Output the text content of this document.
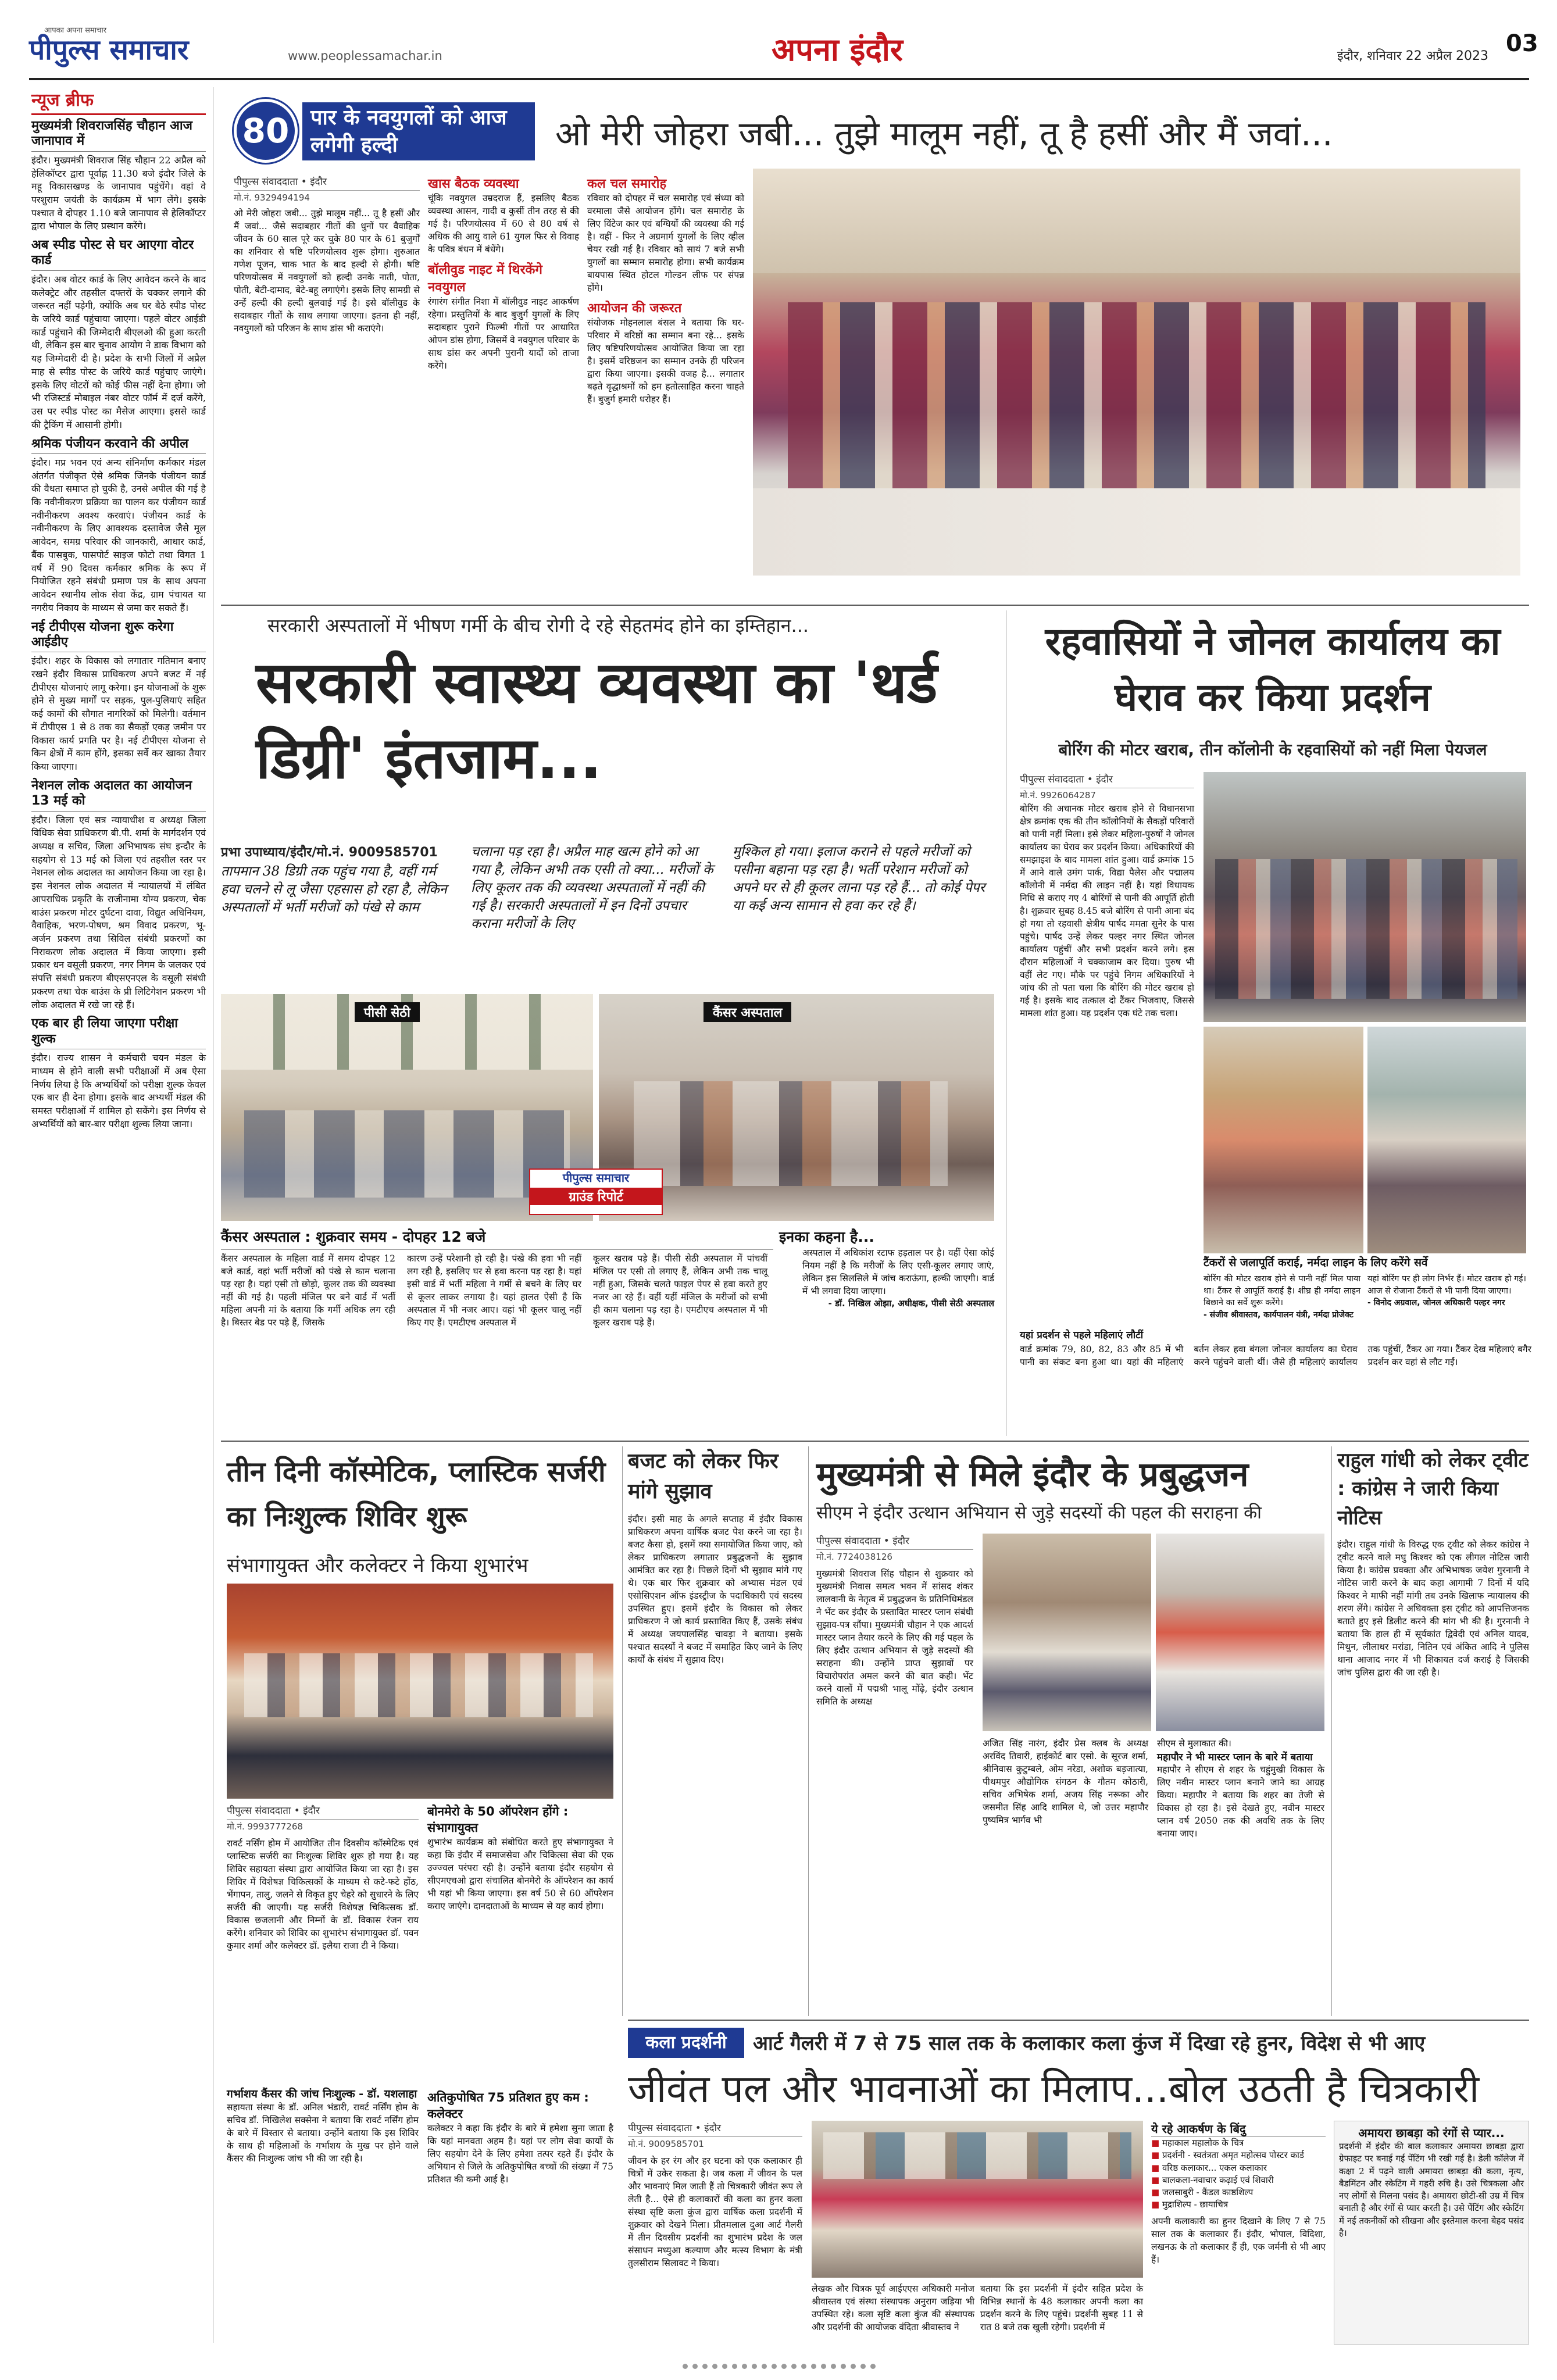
आपका अपना समाचार
पीपुल्स समाचार	www.peoplessamachar.in	अपना इंदौर	इंदौर, शनिवार 22 अप्रैल 2023 03
न्यूज ब्रीफ
मुख्यमंत्री शिवराजसिंह चौहान आज जानापाव में
इंदौर। मुख्यमंत्री शिवराज सिंह चौहान 22 अप्रैल को हेलिकॉप्टर द्वारा पूर्वाह्न 11.30 बजे इंदौर जिले के महू विकासखण्ड के जानापाव पहुंचेंगे। वहां वे परशुराम जयंती के कार्यक्रम में भाग लेंगे। इसके पश्चात वे दोपहर 1.10 बजे जानापाव से हेलिकॉप्टर द्वारा भोपाल के लिए प्रस्थान करेंगे।
अब स्पीड पोस्ट से घर आएगा वोटर कार्ड
इंदौर। अब वोटर कार्ड के लिए आवेदन करने के बाद कलेक्ट्रेट और तहसील दफ्तरों के चक्कर लगाने की जरूरत नहीं पड़ेगी, क्योंकि अब घर बैठे स्पीड पोस्ट के जरिये कार्ड पहुंचाया जाएगा। पहले वोटर आईडी कार्ड पहुंचाने की जिम्मेदारी बीएलओ की हुआ करती थी, लेकिन इस बार चुनाव आयोग ने डाक विभाग को यह जिम्मेदारी दी है। प्रदेश के सभी जिलों में अप्रैल माह से स्पीड पोस्ट के जरिये कार्ड पहुंचाए जाएंगे। इसके लिए वोटरों को कोई फीस नहीं देना होगा। जो भी रजिस्टर्ड मोबाइल नंबर वोटर फॉर्म में दर्ज करेंगे, उस पर स्पीड पोस्ट का मैसेज आएगा। इससे कार्ड की ट्रैकिंग में आसानी होगी।
श्रमिक पंजीयन करवाने की अपील
इंदौर। मप्र भवन एवं अन्य संनिर्माण कर्मकार मंडल अंतर्गत पंजीकृत ऐसे श्रमिक जिनके पंजीयन कार्ड की वैधता समाप्त हो चुकी है, उनसे अपील की गई है कि नवीनीकरण प्रक्रिया का पालन कर पंजीयन कार्ड नवीनीकरण अवश्य करवाएं। पंजीयन कार्ड के नवीनीकरण के लिए आवश्यक दस्तावेज जैसे मूल आवेदन, समग्र परिवार की जानकारी, आधार कार्ड, बैंक पासबुक, पासपोर्ट साइज फोटो तथा विगत 1 वर्ष में 90 दिवस कर्मकार श्रमिक के रूप में नियोजित रहने संबंधी प्रमाण पत्र के साथ अपना आवेदन स्थानीय लोक सेवा केंद्र, ग्राम पंचायत या नगरीय निकाय के माध्यम से जमा कर सकते हैं।
नई टीपीएस योजना शुरू करेगा आईडीए
इंदौर। शहर के विकास को लगातार गतिमान बनाए रखने इंदौर विकास प्राधिकरण अपने बजट में नई टीपीएस योजनाएं लागू करेगा। इन योजनाओं के शुरू होने से मुख्य मार्गों पर सड़क, पुल-पुलियाएं सहित कई कामों की सौगात नागरिकों को मिलेगी। वर्तमान में टीपीएस 1 से 8 तक का सैकड़ों एकड़ जमीन पर विकास कार्य प्रगति पर है। नई टीपीएस योजना से किन क्षेत्रों में काम होंगे, इसका सर्वे कर खाका तैयार किया जाएगा।
नेशनल लोक अदालत का आयोजन 13 मई को
इंदौर। जिला एवं सत्र न्यायाधीश व अध्यक्ष जिला विधिक सेवा प्राधिकरण बी.पी. शर्मा के मार्गदर्शन एवं अध्यक्ष व सचिव, जिला अभिभाषक संघ इन्दौर के सहयोग से 13 मई को जिला एवं तहसील स्तर पर नेशनल लोक अदालत का आयोजन किया जा रहा है। इस नेशनल लोक अदालत में न्यायालयों में लंबित आपराधिक प्रकृति के राजीनामा योग्य प्रकरण, चेक बाउंस प्रकरण मोटर दुर्घटना दावा, विद्युत अधिनियम, वैवाहिक, भरण-पोषण, श्रम विवाद प्रकरण, भू-अर्जन प्रकरण तथा सिविल संबंधी प्रकरणों का निराकरण लोक अदालत में किया जाएगा। इसी प्रकार धन वसूली प्रकरण, नगर निगम के जलकर एवं संपत्ति संबंधी प्रकरण बीएसएनएल के वसूली संबंधी प्रकरण तथा चेक बाउंस के प्री लिटिगेशन प्रकरण भी लोक अदालत में रखे जा रहे हैं।
एक बार ही लिया जाएगा परीक्षा शुल्क
इंदौर। राज्य शासन ने कर्मचारी चयन मंडल के माध्यम से होने वाली सभी परीक्षाओं में अब ऐसा निर्णय लिया है कि अभ्यर्थियों को परीक्षा शुल्क केवल एक बार ही देना होगा। इसके बाद अभ्यर्थी मंडल की समस्त परीक्षाओं में शामिल हो सकेंगे। इस निर्णय से अभ्यर्थियों को बार-बार परीक्षा शुल्क लिया जाना।
80	पार के नवयुगलों को आज लगेगी हल्दी	ओ मेरी जोहरा जबी... तुझे मालूम नहीं, तू है हसीं और मैं जवां...
पीपुल्स संवाददाता • इंदौर
मो.नं. 9329494194
ओ मेरी जोहरा जबी... तुझे मालूम नहीं... तू है हसीं और मैं जवां... जैसे सदाबहार गीतों की धुनों पर वैवाहिक जीवन के 60 साल पूरे कर चुके 80 पार के 61 बुजुर्गों का शनिवार से षष्टि परिणयोत्सव शुरू होगा। शुरुआत गणेश पूजन, चाक भात के बाद हल्दी से होगी। षष्टि परिणयोत्सव में नवयुगलों को हल्दी उनके नाती, पोता, पोती, बेटी-दामाद, बेटे-बहू लगाएंगे। इसके लिए सामग्री से उन्हें हल्दी की हल्दी बुलवाई गई है। इसे बॉलीवुड के सदाबहार गीतों के साथ लगाया जाएगा। इतना ही नहीं, नवयुगलों को परिजन के साथ डांस भी कराएंगे।
खास बैठक व्यवस्था
चूंकि नवयुगल उम्रदराज हैं, इसलिए बैठक व्यवस्था आसन, गादी व कुर्सी तीन तरह से की गई है। परिणयोत्सव में 60 से 80 वर्ष से अधिक की आयु वाले 61 युगल फिर से विवाह के पवित्र बंधन में बंधेंगे।
बॉलीवुड नाइट में थिरकेंगे नवयुगल
रंगारंग संगीत निशा में बॉलीवुड नाइट आकर्षण रहेगा। प्रस्तुतियों के बाद बुजुर्ग युगलों के लिए सदाबहार पुराने फिल्मी गीतों पर आधारित ओपन डांस होगा, जिसमें वे नवयुगल परिवार के साथ डांस कर अपनी पुरानी यादों को ताजा करेंगे।
कल चल समारोह
रविवार को दोपहर में चल समारोह एवं संध्या को वरमाला जैसे आयोजन होंगे। चल समारोह के लिए विंटेज कार एवं बग्घियों की व्यवस्था की गई है। वहीं - फिर ने अग्रमार्ग युगलों के लिए व्हील चेयर रखी गई है। रविवार को सायं 7 बजे सभी युगलों का सम्मान समारोह होगा। सभी कार्यक्रम बायपास स्थित होटल गोल्डन लीफ पर संपन्न होंगे।
आयोजन की जरूरत
संयोजक मोहनलाल बंसल ने बताया कि घर-परिवार में वरिष्ठों का सम्मान बना रहे... इसके लिए षष्टिपरिणयोत्सव आयोजित किया जा रहा है। इसमें वरिष्ठजन का सम्मान उनके ही परिजन द्वारा किया जाएगा। इसकी वजह है... लगातार बढ़ते वृद्धाश्रमों को हम हतोत्साहित करना चाहते हैं। बुजुर्ग हमारी धरोहर हैं।
सरकारी अस्पतालों में भीषण गर्मी के बीच रोगी दे रहे सेहतमंद होने का इम्तिहान...
सरकारी स्वास्थ्य व्यवस्था का 'थर्ड डिग्री' इंतजाम...
प्रभा उपाध्याय/इंदौर/मो.नं. 9009585701
तापमान 38 डिग्री तक पहुंच गया है, वहीं गर्म हवा चलने से लू जैसा एहसास हो रहा है, लेकिन अस्पतालों में भर्ती मरीजों को पंखे से काम
चलाना पड़ रहा है। अप्रैल माह खत्म होने को आ गया है, लेकिन अभी तक एसी तो क्या... मरीजों के लिए कूलर तक की व्यवस्था अस्पतालों में नहीं की गई है। सरकारी अस्पतालों में इन दिनों उपचार कराना मरीजों के लिए
मुश्किल हो गया। इलाज कराने से पहले मरीजों को पसीना बहाना पड़ रहा है। भर्ती परेशान मरीजों को अपने घर से ही कूलर लाना पड़ रहे हैं... तो कोई पेपर या कई अन्य सामान से हवा कर रहे हैं।
पीसी सेठी	कैंसर अस्पताल
पीपुल्स समाचार
ग्राउंड रिपोर्ट
कैंसर अस्पताल : शुक्रवार समय - दोपहर 12 बजे
कैंसर अस्पताल के महिला वार्ड में समय दोपहर 12 बजे कार्ड, वहां भर्ती मरीजों को पंखे से काम चलाना पड़ रहा है। यहां एसी तो छोड़ो, कूलर तक की व्यवस्था नहीं की गई है। पहली मंजिल पर बने वार्ड में भर्ती महिला अपनी मां के बताया कि गर्मी अधिक लग रही है। बिस्तर बेड पर पड़े हैं, जिसके
कारण उन्हें परेशानी हो रही है। पंखे की हवा भी नहीं लग रही है, इसलिए घर से हवा करना पड़ रहा है। यहां इसी वार्ड में भर्ती महिला ने गर्मी से बचने के लिए घर से कूलर लाकर लगाया है। यहां हालत ऐसी है कि अस्पताल में भी नजर आए। वहां भी कूलर चालू नहीं किए गए हैं। एमटीएच अस्पताल में
कूलर खराब पड़े हैं। पीसी सेठी अस्पताल में पांचवीं मंजिल पर एसी तो लगाए हैं, लेकिन अभी तक चालू नहीं हुआ, जिसके चलते फाइल पेपर से हवा करते हुए नजर आ रहे हैं। वहीं यहीं मंजिल के मरीजों को सभी ही काम चलाना पड़ रहा है। एमटीएच अस्पताल में भी कूलर खराब पड़े हैं।
इनका कहना है...
अस्पताल में अधिकांश रटाफ हड़ताल पर है। वहीं ऐसा कोई नियम नहीं है कि मरीजों के लिए एसी-कूलर लगाए जाएं, लेकिन इस सिलसिले में जांच कराऊंगा, हल्की जाएगी। वार्ड में भी लगवा दिया जाएगा।
- डॉ. निखिल ओझा, अधीक्षक, पीसी सेठी अस्पताल
रहवासियों ने जोनल कार्यालय का घेराव कर किया प्रदर्शन
बोरिंग की मोटर खराब, तीन कॉलोनी के रहवासियों को नहीं मिला पेयजल
पीपुल्स संवाददाता • इंदौर
मो.नं. 9926064287
बोरिंग की अचानक मोटर खराब होने से विधानसभा क्षेत्र क्रमांक एक की तीन कॉलोनियों के सैकड़ों परिवारों को पानी नहीं मिला। इसे लेकर महिला-पुरुषों ने जोनल कार्यालय का घेराव कर प्रदर्शन किया। अधिकारियों की समझाइश के बाद मामला शांत हुआ। वार्ड क्रमांक 15 में आने वाले उमंग पार्क, विद्या पैलेस और पद्मालय कॉलोनी में नर्मदा की लाइन नहीं है। यहां विधायक निधि से कराए गए 4 बोरिंगों से पानी की आपूर्ति होती है। शुक्रवार सुबह 8.45 बजे बोरिंग से पानी आना बंद हो गया तो रहवासी क्षेत्रीय पार्षद ममता सुनेर के पास पहुंचे। पार्षद उन्हें लेकर पल्हर नगर स्थित जोनल कार्यालय पहुंचीं और सभी प्रदर्शन करने लगे। इस दौरान महिलाओं ने चक्काजाम कर दिया। पुरुष भी वहीं लेट गए। मौके पर पहुंचे निगम अधिकारियों ने जांच की तो पता चला कि बोरिंग की मोटर खराब हो गई है। इसके बाद तत्काल दो टैंकर भिजवाए, जिससे मामला शांत हुआ। यह प्रदर्शन एक घंटे तक चला।
यहां प्रदर्शन से पहले महिलाएं लौटीं
वार्ड क्रमांक 79, 80, 82, 83 और 85 में भी पानी का संकट बना हुआ था। यहां की महिलाएं बर्तन लेकर हवा बंगला जोनल कार्यालय का घेराव करने पहुंचने वाली थीं। जैसे ही महिलाएं कार्यालय तक पहुंचीं, टैंकर आ गया। टैंकर देख महिलाएं बगैर प्रदर्शन कर वहां से लौट गईं।
टैंकरों से जलापूर्ति कराई, नर्मदा लाइन के लिए करेंगे सर्वे
बोरिंग की मोटर खराब होने से पानी नहीं मिल पाया था। टैंकर से आपूर्ति कराई है। शीघ्र ही नर्मदा लाइन बिछाने का सर्वे शुरू करेंगे।
- संजीव श्रीवास्तव, कार्यपालन यंत्री, नर्मदा प्रोजेक्ट
यहां बोरिंग पर ही लोग निर्भर हैं। मोटर खराब हो गई। आज से रोजाना टैंकरों से भी पानी दिया जाएगा।
- विनोद अग्रवाल, जोनल अधिकारी पल्हर नगर
तीन दिनी कॉस्मेटिक, प्लास्टिक सर्जरी का निःशुल्क शिविर शुरू
संभागायुक्त और कलेक्टर ने किया शुभारंभ
पीपुल्स संवाददाता • इंदौर
मो.नं. 9993777268
रावर्ट नर्सिंग होम में आयोजित तीन दिवसीय कॉस्मेटिक एवं प्लास्टिक सर्जरी का निःशुल्क शिविर शुरू हो गया है। यह शिविर सहायता संस्था द्वारा आयोजित किया जा रहा है। इस शिविर में विशेषज्ञ चिकित्सकों के माध्यम से कटे-फटे होंठ, भेंगापन, तालु, जलने से विकृत हुए चेहरे को सुधारने के लिए सर्जरी की जाएगी। यह सर्जरी विशेषज्ञ चिकित्सक डॉ. विकास छजलानी और निम्नों के डॉ. विकास रंजन राय करेंगे। शनिवार को शिविर का शुभारंभ संभागायुक्त डॉ. पवन कुमार शर्मा और कलेक्टर डॉ. इलैया राजा टी ने किया।
गर्भाशय कैंसर की जांच निःशुल्क - डॉ. यशलाहा
सहायता संस्था के डॉ. अनिल भंडारी, रावर्ट नर्सिंग होम के सचिव डॉ. निखिलेश सक्सेना ने बताया कि रावर्ट नर्सिंग होम के बारे में विस्तार से बताया। उन्होंने बताया कि इस शिविर के साथ ही महिलाओं के गर्भाशय के मुख पर होने वाले कैंसर की निःशुल्क जांच भी की जा रही है।
बोनमेरो के 50 ऑपरेशन होंगे : संभागायुक्त
शुभारंभ कार्यक्रम को संबोधित करते हुए संभागायुक्त ने कहा कि इंदौर में समाजसेवा और चिकित्सा सेवा की एक उज्ज्वल परंपरा रही है। उन्होंने बताया इंदौर सहयोग से सीएमएचओ द्वारा संचालित बोनमेरो के ऑपरेशन का कार्य भी यहां भी किया जाएगा। इस वर्ष 50 से 60 ऑपरेशन कराए जाएंगे। दानदाताओं के माध्यम से यह कार्य होगा।
अतिकुपोषित 75 प्रतिशत हुए कम : कलेक्टर
कलेक्टर ने कहा कि इंदौर के बारे में हमेशा सुना जाता है कि यहां मानवता अहम है। यहां पर लोग सेवा कार्यों के लिए सहयोग देने के लिए हमेशा तत्पर रहते हैं। इंदौर के अभियान से जिले के अतिकुपोषित बच्चों की संख्या में 75 प्रतिशत की कमी आई है।
बजट को लेकर फिर मांगे सुझाव
इंदौर। इसी माह के अगले सप्ताह में इंदौर विकास प्राधिकरण अपना वार्षिक बजट पेश करने जा रहा है। बजट कैसा हो, इसमें क्या समायोजित किया जाए, को लेकर प्राधिकरण लगातार प्रबुद्धजनों के सुझाव आमंत्रित कर रहा है। पिछले दिनों भी सुझाव मांगे गए थे। एक बार फिर शुक्रवार को अभ्यास मंडल एवं एसोसिएशन ऑफ इंडस्ट्रीज के पदाधिकारी एवं सदस्य उपस्थित हुए। इसमें इंदौर के विकास को लेकर प्राधिकरण ने जो कार्य प्रस्तावित किए हैं, उसके संबंध में अध्यक्ष जयपालसिंह चावड़ा ने बताया। इसके पश्चात सदस्यों ने बजट में समाहित किए जाने के लिए कार्यों के संबंध में सुझाव दिए।
मुख्यमंत्री से मिले इंदौर के प्रबुद्धजन
सीएम ने इंदौर उत्थान अभियान से जुड़े सदस्यों की पहल की सराहना की
पीपुल्स संवाददाता • इंदौर
मो.नं. 7724038126
मुख्यमंत्री शिवराज सिंह चौहान से शुक्रवार को मुख्यमंत्री निवास समत्व भवन में सांसद शंकर लालवानी के नेतृत्व में प्रबुद्धजन के प्रतिनिधिमंडल ने भेंट कर इंदौर के प्रस्तावित मास्टर प्लान संबंधी सुझाव-पत्र सौंपा। मुख्यमंत्री चौहान ने एक आदर्श मास्टर प्लान तैयार करने के लिए की गई पहल के लिए इंदौर उत्थान अभियान से जुड़े सदस्यों की सराहना की। उन्होंने प्राप्त सुझावों पर विचारोपरांत अमल करने की बात कही। भेंट करने वालों में पद्मश्री भालू मोंढ़े, इंदौर उत्थान समिति के अध्यक्ष
अजित सिंह नारंग, इंदौर प्रेस क्लब के अध्यक्ष अरविंद तिवारी, हाईकोर्ट बार एसो. के सूरज शर्मा, श्रीनिवास कुटुम्बले, ओम नरेडा, अशोक बड़जात्या, पीथमपुर औद्योगिक संगठन के गौतम कोठारी, सचिव अभिषेक शर्मा, अजय सिंह नरूका और जसमीत सिंह आदि शामिल थे, जो उत्तर महापौर पुष्यमित्र भार्गव भी
सीएम से मुलाकात की।
महापौर ने भी मास्टर प्लान के बारे में बताया
महापौर ने सीएम से शहर के चहुंमुखी विकास के लिए नवीन मास्टर प्लान बनाने जाने का आग्रह किया। महापौर ने बताया कि शहर का तेजी से विकास हो रहा है। इसे देखते हुए, नवीन मास्टर प्लान वर्ष 2050 तक की अवधि तक के लिए बनाया जाए।
राहुल गांधी को लेकर ट्वीट : कांग्रेस ने जारी किया नोटिस
इंदौर। राहुल गांधी के विरुद्ध एक ट्वीट को लेकर कांग्रेस ने ट्वीट करने वाले मधु किश्वर को एक लीगल नोटिस जारी किया है। कांग्रेस प्रवक्ता और अभिभाषक जयेश गुरनानी ने नोटिस जारी करने के बाद कहा आगामी 7 दिनों में यदि किश्वर ने माफी नहीं मांगी तब उनके खिलाफ न्यायालय की शरण लेंगे। कांग्रेस ने अधिवक्ता इस ट्वीट को आपत्तिजनक बताते हुए इसे डिलीट करने की मांग भी की है। गुरनानी ने बताया कि हाल ही में सूर्यकांत द्विवेदी एवं अनिल यादव, मिथुन, लीलाधर मरांडा, नितिन एवं अंकित आदि ने पुलिस थाना आजाद नगर में भी शिकायत दर्ज कराई है जिसकी जांच पुलिस द्वारा की जा रही है।
कला प्रदर्शनी	आर्ट गैलरी में 7 से 75 साल तक के कलाकार कला कुंज में दिखा रहे हुनर, विदेश से भी आए
जीवंत पल और भावनाओं का मिलाप...बोल उठती है चित्रकारी
पीपुल्स संवाददाता • इंदौर
मो.नं. 9009585701
जीवन के हर रंग और हर घटना को एक कलाकार ही चित्रों में उकेर सकता है। जब कला में जीवन के पल और भावनाएं मिल जाती हैं तो चित्रकारी जीवंत रूप ले लेती है... ऐसे ही कलाकारों की कला का हुनर कला संस्था सृष्टि कला कुंज द्वारा वार्षिक कला प्रदर्शनी में शुक्रवार को देखने मिला। प्रीतमलाल दुआ आर्ट गैलरी में तीन दिवसीय प्रदर्शनी का शुभारंभ प्रदेश के जल संसाधन मध्युआ कल्याण और मत्स्य विभाग के मंत्री तुलसीराम सिलावट ने किया।
लेखक और चित्रक पूर्व आईएएस अधिकारी मनोज श्रीवास्तव एवं संस्था संस्थापक अनुराग जड़िया भी उपस्थित रहे। कला सृष्टि कला कुंज की संस्थापक और प्रदर्शनी की आयोजक वंदिता श्रीवास्तव ने
बताया कि इस प्रदर्शनी में इंदौर सहित प्रदेश के विभिन्न स्थानों के 48 कलाकार अपनी कला का प्रदर्शन करने के लिए पहुंचे। प्रदर्शनी सुबह 11 से रात 8 बजे तक खुली रहेगी। प्रदर्शनी में
ये रहे आकर्षण के बिंदु
■ महाकाल महालोक के चित्र
■ प्रदर्शनी - स्वतंत्रता अमृत महोत्सव पोस्टर कार्ड
■ वरिष्ठ कलाकार... एकल कलाकार
■ बालकला-नवाचार कढ़ाई एवं शिवारी
■ जलसाबुरी - कैंडल काष्ठशिल्प
■ मुद्राशिल्प - छायाचित्र
अपनी कलाकारी का हुनर दिखाने के लिए 7 से 75 साल तक के कलाकार हैं। इंदौर, भोपाल, विदिशा, लखनऊ के तो कलाकार हैं ही, एक जर्मनी से भी आए हैं।
अमायरा छाबड़ा को रंगों से प्यार...
प्रदर्शनी में इंदौर की बाल कलाकार अमायरा छाबड़ा द्वारा ग्रेफाइट पर बनाई गई पेंटिंग भी रखी गई है। डेली कॉलेज में कक्षा 2 में पढ़ने वाली अमायरा छाबड़ा की कला, नृत्य, बैडमिंटन और स्केटिंग में गहरी रुचि है। उसे चित्रकला और नए लोगों से मिलना पसंद है। अमायरा छोटी-सी उम्र में चित्र बनाती है और रंगों से प्यार करती है। उसे पेंटिंग और स्केटिंग में नई तकनीकों को सीखना और इस्तेमाल करना बेहद पसंद है।
